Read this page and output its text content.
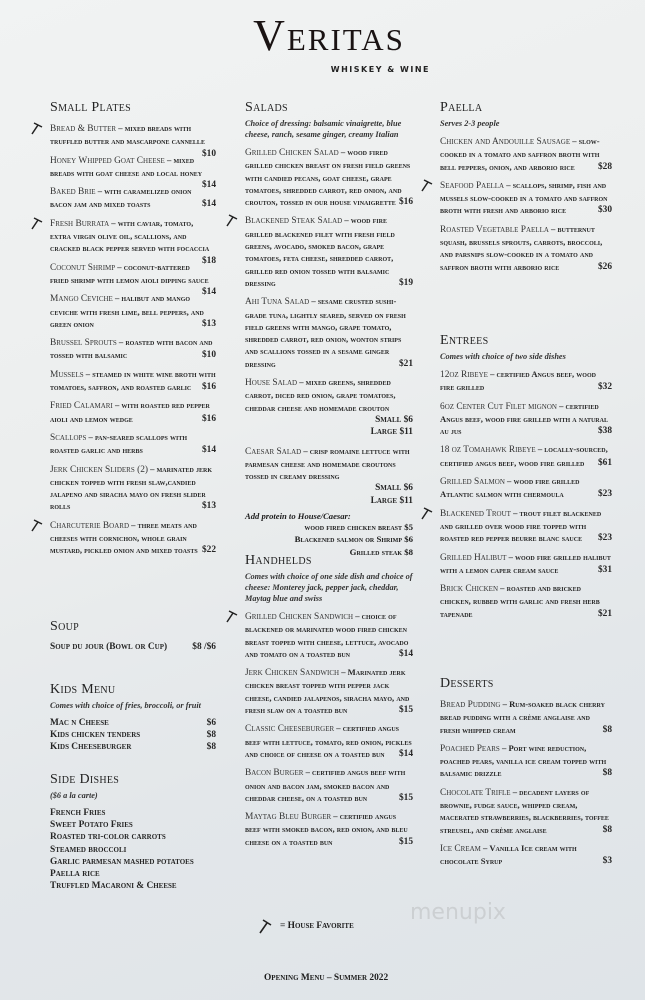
Veritas
WHISKEY & WINE
Small Plates
Bread & Butter – mixed breads with truffled butter and mascarpone cannelle
$10
Honey Whipped Goat Cheese – mixed breads with goat cheese and local honey
$14
Baked Brie – with caramelized onion bacon jam and mixed toasts	$14
Fresh Burrata – with caviar, tomato, extra virgin olive oil, scallions, and cracked black pepper served with focaccia
$18
Coconut Shrimp – coconut-battered fried shrimp with lemon aioli dipping sauce
$14
Mango Ceviche – halibut and mango ceviche with fresh lime, bell peppers, and green onion	$13
Brussel Sprouts – roasted with bacon and tossed with balsamic	$10
Mussels – steamed in white wine broth with tomatoes, saffron, and roasted garlic $16
Fried Calamari – with roasted red pepper aioli and lemon wedge	$16
Scallops – pan-seared scallops with roasted garlic and herbs	$14
Jerk Chicken Sliders (2) – marinated jerk chicken topped with fresh slaw,candied jalapeno and siracha mayo on fresh slider rolls	$13
Charcuterie Board – three meats and cheeses with cornichon, whole grain mustard, pickled onion and mixed toasts $22
Soup
Soup du jour (Bowl or Cup)	$8 /$6
Kids Menu
Comes with choice of fries, broccoli, or fruit
Mac n Cheese	$6
Kids chicken tenders	$8
Kids Cheeseburger	$8
Side Dishes
($6 a la carte)
French Fries
Sweet Potato Fries
Roasted tri-color carrots
Steamed broccoli
Garlic parmesan mashed potatoes
Paella rice
Truffled Macaroni & Cheese
Salads
Choice of dressing: balsamic vinaigrette, blue cheese, ranch, sesame ginger, creamy Italian
Grilled Chicken Salad – wood fired grilled chicken breast on fresh field greens with candied pecans, goat cheese, grape tomatoes, shredded carrot, red onion, and crouton, tossed in our house vinaigrette $16
Blackened Steak Salad – wood fire grilled blackened filet with fresh field greens, avocado, smoked bacon, grape tomatoes, feta cheese, shredded carrot, grilled red onion tossed with balsamic dressing	$19
Ahi Tuna Salad – sesame crusted sushi-grade tuna, lightly seared, served on fresh field greens with mango, grape tomato, shredded carrot, red onion, wonton strips and scallions tossed in a sesame ginger dressing	$21
House Salad – mixed greens, shredded carrot, diced red onion, grape tomatoes, cheddar cheese and homemade crouton
Small $6
Large $11
Caesar Salad – crisp romaine lettuce with parmesan cheese and homemade croutons tossed in creamy dressing
Small $6
Large $11
Add protein to House/Caesar:
wood fired chicken breast $5
Blackened salmon or Shrimp $6
Grilled steak $8
Handhelds
Comes with choice of one side dish and choice of cheese: Monterey jack, pepper jack, cheddar, Maytag blue and swiss
Grilled Chicken Sandwich – choice of blackened or marinated wood fired chicken breast topped with cheese, lettuce, avocado and tomato on a toasted bun	$14
Jerk Chicken Sandwich – Marinated jerk chicken breast topped with pepper jack cheese, candied jalapenos, siracha mayo, and fresh slaw on a toasted bun	$15
Classic Cheeseburger – certified angus beef with lettuce, tomato, red onion, pickles and choice of cheese on a toasted bun $14
Bacon Burger – certified angus beef with onion and bacon jam, smoked bacon and cheddar cheese, on a toasted bun	$15
Maytag Bleu Burger – certified angus beef with smoked bacon, red onion, and bleu cheese on a toasted bun	$15
Paella
Serves 2-3 people
Chicken and Andouille Sausage – slow-cooked in a tomato and saffron broth with bell peppers, onion, and arborio rice $28
Seafood Paella – scallops, shrimp, fish and mussels slow-cooked in a tomato and saffron broth with fresh and arborio rice	$30
Roasted Vegetable Paella – butternut squash, brussels sprouts, carrots, broccoli, and parsnips slow-cooked in a tomato and saffron broth with arborio rice	$26
Entrees
Comes with choice of two side dishes
12oz Ribeye – certified Angus beef, wood fire grilled	$32
6oz Center Cut Filet mignon – certified Angus beef, wood fire grilled with a natural au jus	$38
18 oz Tomahawk Ribeye – locally-sourced, certified angus beef, wood fire grilled $61
Grilled Salmon – wood fire grilled Atlantic salmon with chermoula	$23
Blackened Trout – trout filet blackened and grilled over wood fire topped with roasted red pepper beurre blanc sauce $23
Grilled Halibut – wood fire grilled halibut with a lemon caper cream sauce	$31
Brick Chicken – roasted and bricked chicken, rubbed with garlic and fresh herb tapenade	$21
Desserts
Bread Pudding – Rum-soaked black cherry bread pudding with a crème anglaise and fresh whipped cream	$8
Poached Pears – Port wine reduction, poached pears, vanilla ice cream topped with balsamic drizzle	$8
Chocolate Trifle – decadent layers of brownie, fudge sauce, whipped cream, macerated strawberries, blackberries, toffee streusel, and crème anglaise	$8
Ice Cream – Vanilla Ice cream with chocolate Syrup	$3
= House Favorite
Opening Menu – Summer 2022
menupix
